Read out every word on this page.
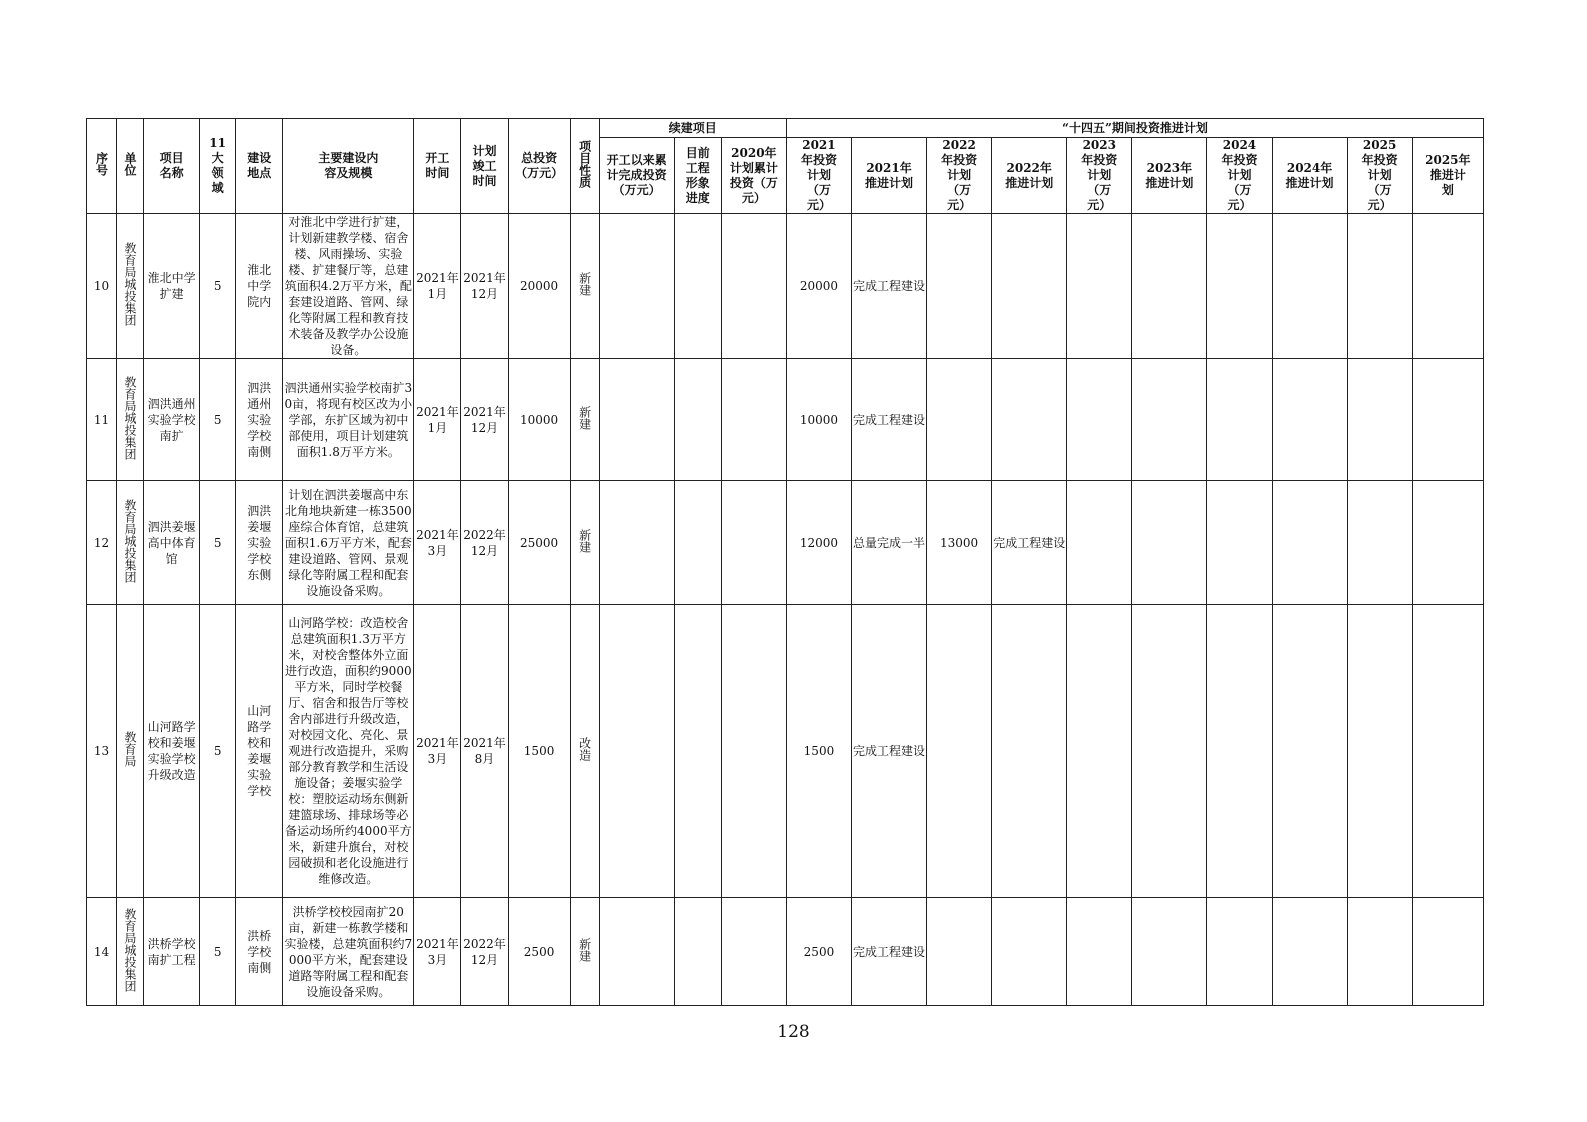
序号	单位	项目名称	11大领域	建设地点	主要建设内容及规模	开工时间	计划竣工时间	总投资（万元）	项目性质	续建项目			“十四五”期间投资推进计划									
										开工以来累计完成投资（万元）	目前工程形象进度	2020年计划累计投资（万元）	2021年投资计划（万元）	2021年推进计划	2022年投资计划（万元）	2022年推进计划	2023年投资计划（万元）	2023年推进计划	2024年投资计划（万元）	2024年推进计划	2025年投资计划（万元）	2025年推进计划
10	教育局城投集团	淮北中学扩建	5	淮北中学院内	对淮北中学进行扩建，计划新建教学楼、宿舍楼、风雨操场、实验楼、扩建餐厅等，总建筑面积4.2万平方米，配套建设道路、管网、绿化等附属工程和教育技术装备及教学办公设施设备。	2021年1月	2021年12月	20000	新建				20000	完成工程建设								
11	教育局城投集团	泗洪通州实验学校南扩	5	泗洪通州实验学校南侧	泗洪通州实验学校南扩30亩，将现有校区改为小学部，东扩区域为初中部使用，项目计划建筑面积1.8万平方米。	2021年1月	2021年12月	10000	新建				10000	完成工程建设								
12	教育局城投集团	泗洪姜堰高中体育馆	5	泗洪姜堰实验学校东侧	计划在泗洪姜堰高中东北角地块新建一栋3500座综合体育馆，总建筑面积1.6万平方米，配套建设道路、管网、景观绿化等附属工程和配套设施设备采购。	2021年3月	2022年12月	25000	新建				12000	总量完成一半	13000	完成工程建设						
13	教育局	山河路学校和姜堰实验学校升级改造	5	山河路学校和姜堰实验学校	山河路学校：改造校舍总建筑面积1.3万平方米，对校舍整体外立面进行改造，面积约9000平方米，同时学校餐厅、宿舍和报告厅等校舍内部进行升级改造，对校园文化、亮化、景观进行改造提升，采购部分教育教学和生活设施设备；姜堰实验学校：塑胶运动场东侧新建篮球场、排球场等必备运动场所约4000平方米，新建升旗台，对校园破损和老化设施进行维修改造。	2021年3月	2021年8月	1500	改造				1500	完成工程建设								
14	教育局城投集团	洪桥学校南扩工程	5	洪桥学校南侧	洪桥学校校园南扩20亩，新建一栋教学楼和实验楼，总建筑面积约7000平方米，配套建设道路等附属工程和配套设施设备采购。	2021年3月	2022年12月	2500	新建				2500	完成工程建设								
128
